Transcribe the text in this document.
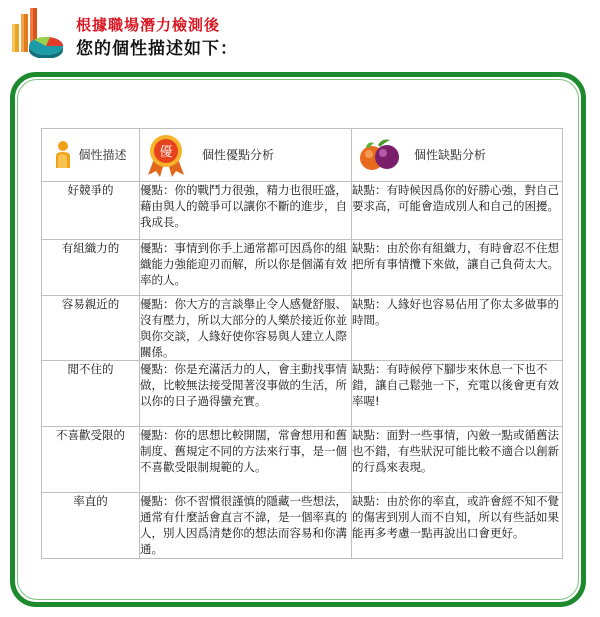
根據職場潛力檢測後
您的個性描述如下：
個性描述	優 個性優點分析	個性缺點分析

好競爭的	優點：你的戰鬥力很強，精力也很旺盛，藉由與人的競爭可以讓你不斷的進步，自我成長。	缺點：有時候因爲你的好勝心強，對自己要求高，可能會造成別人和自己的困擾。

有組織力的	優點：事情到你手上通常都可因爲你的組織能力強能迎刃而解，所以你是個滿有效率的人。	缺點：由於你有組織力，有時會忍不住想把所有事情攬下來做，讓自己負荷太大。

容易親近的	優點：你大方的言談舉止令人感覺舒服、沒有壓力，所以大部分的人樂於接近你並與你交談，人緣好使你容易與人建立人際關係。	缺點：人緣好也容易佔用了你太多做事的時間。

閒不住的	優點：你是充滿活力的人，會主動找事情做，比較無法接受閒著沒事做的生活，所以你的日子過得蠻充實。	缺點：有時候停下腳步來休息一下也不錯，讓自己鬆弛一下，充電以後會更有效率喔!

不喜歡受限的	優點：你的思想比較開闊，常會想用和舊制度、舊規定不同的方法來行事，是一個不喜歡受限制規範的人。	缺點：面對一些事情，內斂一點或循舊法也不錯，有些狀況可能比較不適合以創新的行爲來表現。

率直的	優點：你不習慣很謹慎的隱藏一些想法，通常有什麼話會直言不諱，是一個率真的人，別人因爲清楚你的想法而容易和你溝通。	缺點：由於你的率直，或許會經不知不覺的傷害到別人而不自知，所以有些話如果能再多考慮一點再說出口會更好。
